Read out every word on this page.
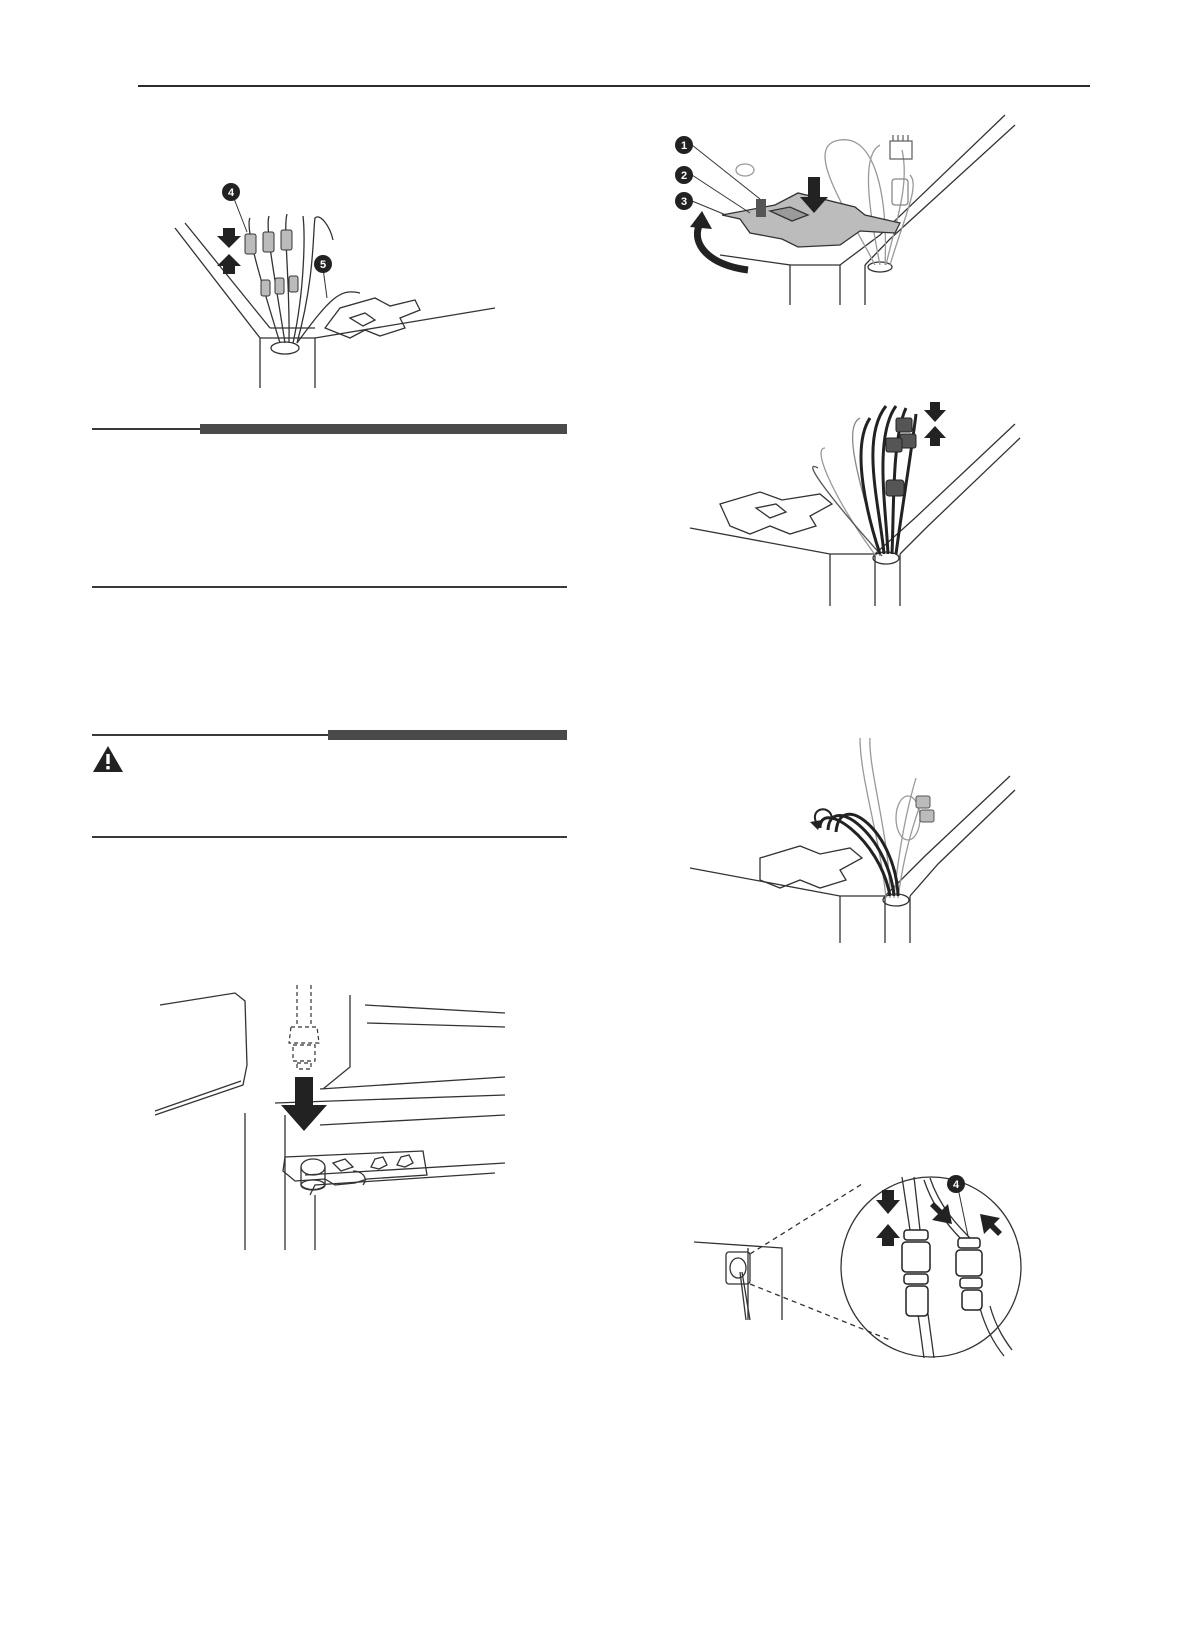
4
5
1
2
3
4
